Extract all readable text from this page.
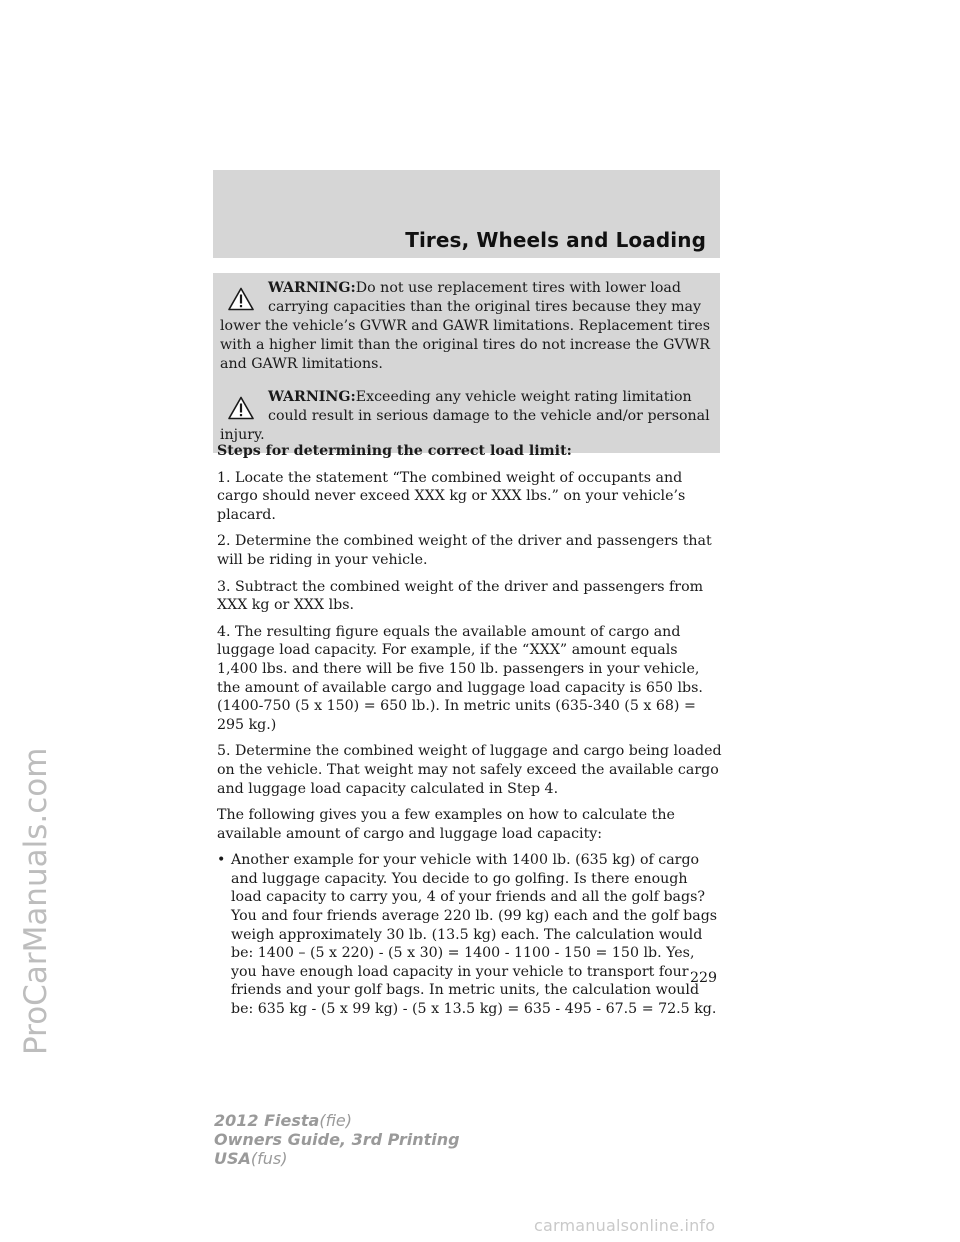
ProCarManuals.com
Tires, Wheels and Loading

WARNING:Do not use replacement tires with lower load carrying capacities than the original tires because they may lower the vehicle’s GVWR and GAWR limitations. Replacement tires with a higher limit than the original tires do not increase the GVWR and GAWR limitations.

WARNING:Exceeding any vehicle weight rating limitation could result in serious damage to the vehicle and/or personal injury.

Steps for determining the correct load limit:

1. Locate the statement “The combined weight of occupants and cargo should never exceed XXX kg or XXX lbs.” on your vehicle’s placard.

2. Determine the combined weight of the driver and passengers that will be riding in your vehicle.

3. Subtract the combined weight of the driver and passengers from XXX kg or XXX lbs.

4. The resulting figure equals the available amount of cargo and luggage load capacity. For example, if the “XXX” amount equals 1,400 lbs. and there will be five 150 lb. passengers in your vehicle, the amount of available cargo and luggage load capacity is 650 lbs. (1400-750 (5 x 150) = 650 lb.). In metric units (635-340 (5 x 68) = 295 kg.)

5. Determine the combined weight of luggage and cargo being loaded on the vehicle. That weight may not safely exceed the available cargo and luggage load capacity calculated in Step 4.

The following gives you a few examples on how to calculate the available amount of cargo and luggage load capacity:

• Another example for your vehicle with 1400 lb. (635 kg) of cargo and luggage capacity. You decide to go golfing. Is there enough load capacity to carry you, 4 of your friends and all the golf bags? You and four friends average 220 lb. (99 kg) each and the golf bags weigh approximately 30 lb. (13.5 kg) each. The calculation would be: 1400 – (5 x 220) - (5 x 30) = 1400 - 1100 - 150 = 150 lb. Yes, you have enough load capacity in your vehicle to transport four friends and your golf bags. In metric units, the calculation would be: 635 kg - (5 x 99 kg) - (5 x 13.5 kg) = 635 - 495 - 67.5 = 72.5 kg.
229
2012 Fiesta(fie)
Owners Guide, 3rd Printing
USA(fus)
carmanualsonline.info
